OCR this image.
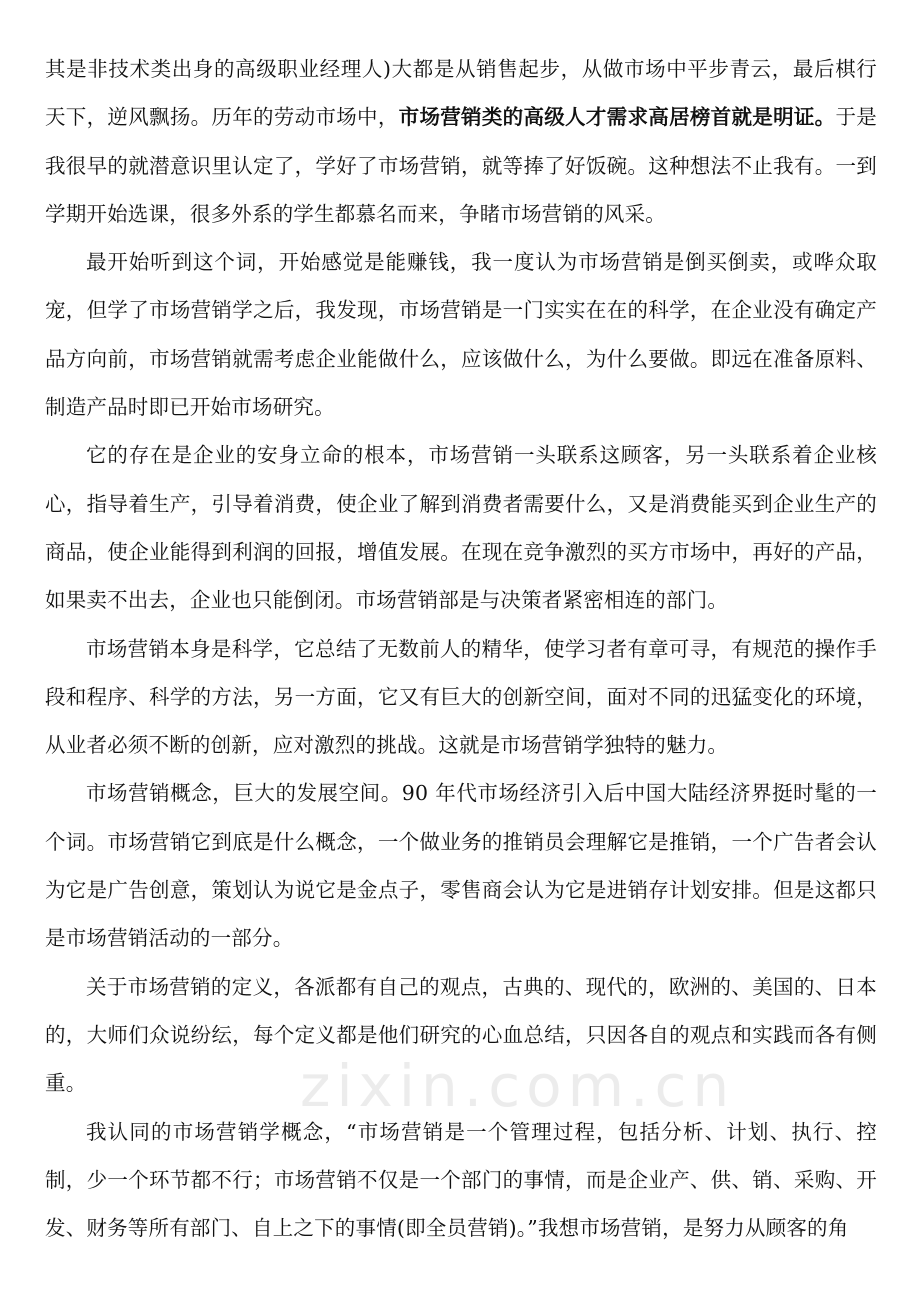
其是非技术类出身的高级职业经理人)大都是从销售起步，从做市场中平步青云，最后棋行天下，逆风飘扬。历年的劳动市场中，市场营销类的高级人才需求高居榜首就是明证。于是我很早的就潜意识里认定了，学好了市场营销，就等捧了好饭碗。这种想法不止我有。一到学期开始选课，很多外系的学生都慕名而来，争睹市场营销的风采。

最开始听到这个词，开始感觉是能赚钱，我一度认为市场营销是倒买倒卖，或哗众取宠，但学了市场营销学之后，我发现，市场营销是一门实实在在的科学，在企业没有确定产品方向前，市场营销就需考虑企业能做什么，应该做什么，为什么要做。即远在准备原料、制造产品时即已开始市场研究。

它的存在是企业的安身立命的根本，市场营销一头联系这顾客，另一头联系着企业核心，指导着生产，引导着消费，使企业了解到消费者需要什么，又是消费能买到企业生产的商品，使企业能得到利润的回报，增值发展。在现在竞争激烈的买方市场中，再好的产品，如果卖不出去，企业也只能倒闭。市场营销部是与决策者紧密相连的部门。

市场营销本身是科学，它总结了无数前人的精华，使学习者有章可寻，有规范的操作手段和程序、科学的方法，另一方面，它又有巨大的创新空间，面对不同的迅猛变化的环境，从业者必须不断的创新，应对激烈的挑战。这就是市场营销学独特的魅力。

市场营销概念，巨大的发展空间。90 年代市场经济引入后中国大陆经济界挺时髦的一个词。市场营销它到底是什么概念，一个做业务的推销员会理解它是推销，一个广告者会认为它是广告创意，策划认为说它是金点子，零售商会认为它是进销存计划安排。但是这都只是市场营销活动的一部分。

关于市场营销的定义，各派都有自己的观点，古典的、现代的，欧洲的、美国的、日本的，大师们众说纷纭，每个定义都是他们研究的心血总结，只因各自的观点和实践而各有侧重。

我认同的市场营销学概念，“市场营销是一个管理过程，包括分析、计划、执行、控制，少一个环节都不行；市场营销不仅是一个部门的事情，而是企业产、供、销、采购、开发、财务等所有部门、自上之下的事情(即全员营销)。”我想市场营销，是努力从顾客的角

zixin.com.cn
